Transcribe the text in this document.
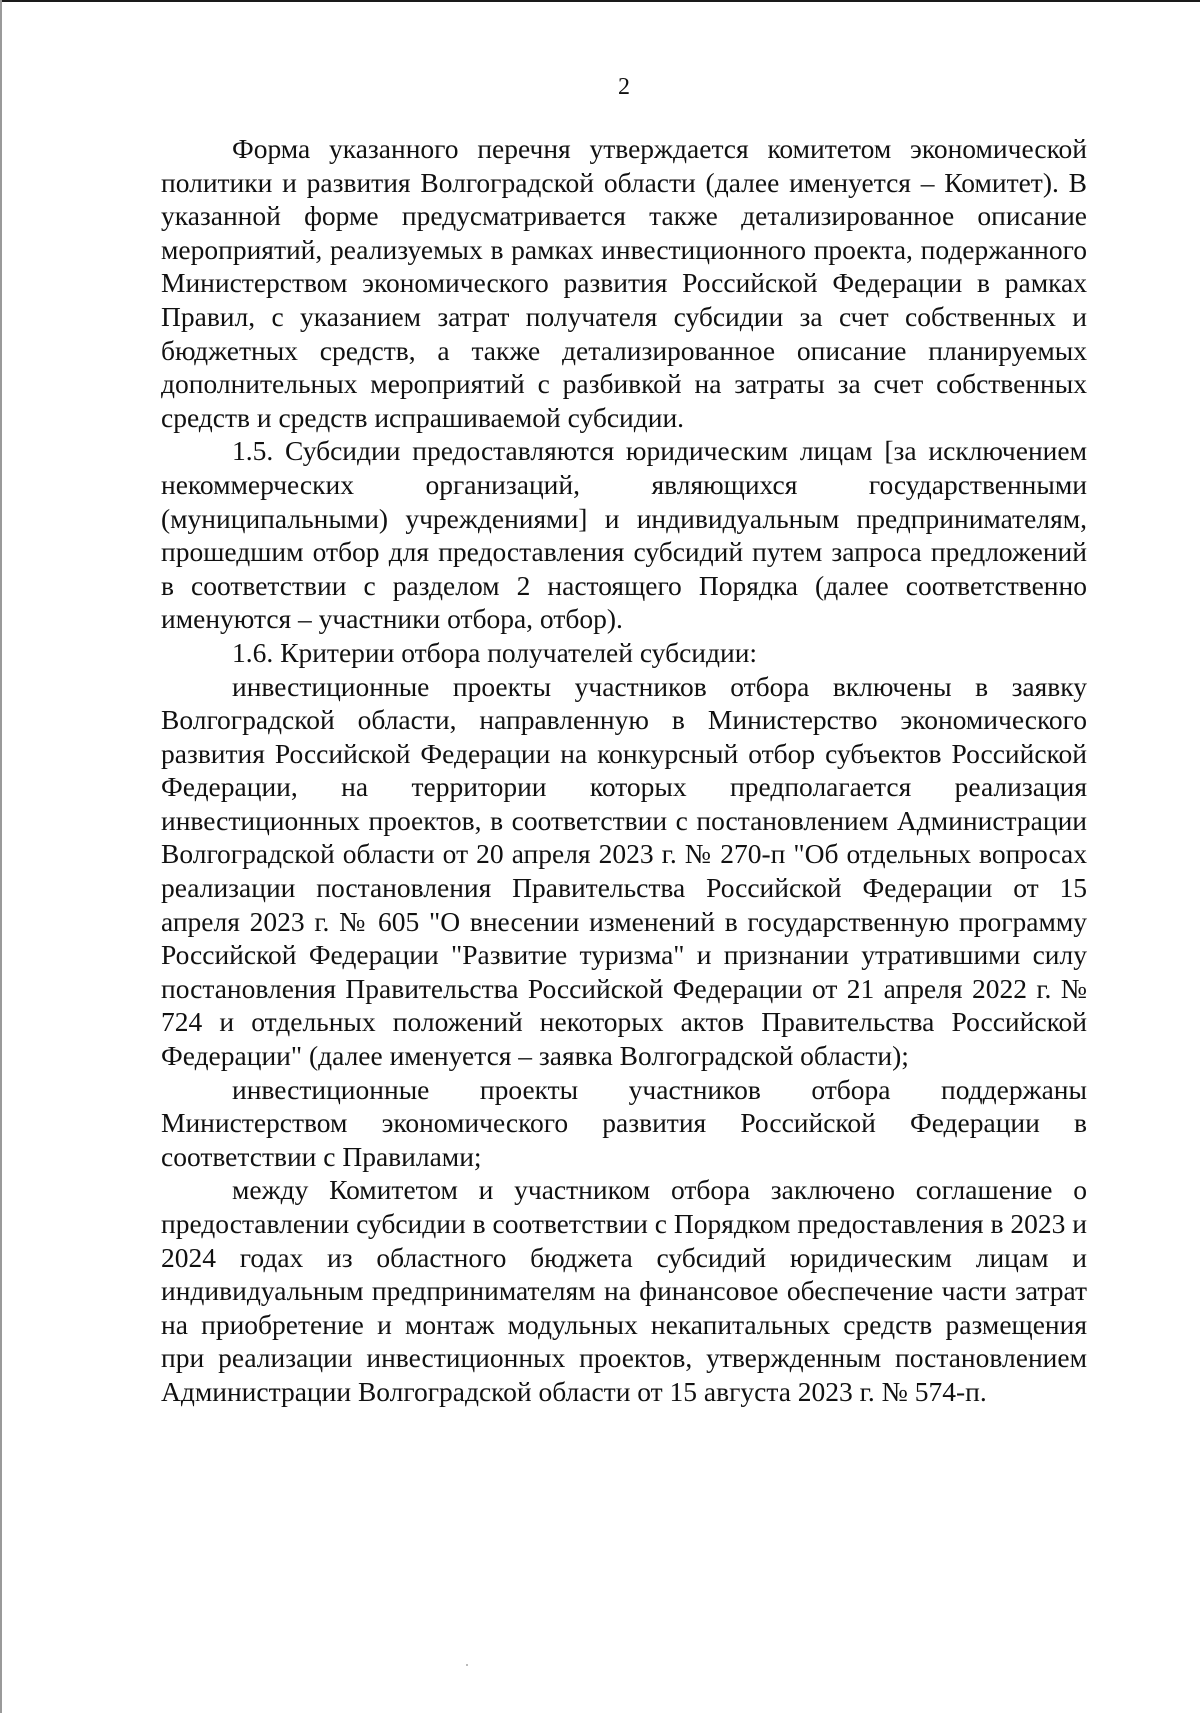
2

Форма указанного перечня утверждается комитетом экономической политики и развития Волгоградской области (далее именуется – Комитет). В указанной форме предусматривается также детализированное описание мероприятий, реализуемых в рамках инвестиционного проекта, подержанного Министерством экономического развития Российской Федерации в рамках Правил, с указанием затрат получателя субсидии за счет собственных и бюджетных средств, а также детализированное описание планируемых дополнительных мероприятий с разбивкой на затраты за счет собственных средств и средств испрашиваемой субсидии.

1.5. Субсидии предоставляются юридическим лицам [за исключением некоммерческих организаций, являющихся государственными (муниципальными) учреждениями] и индивидуальным предпринимателям, прошедшим отбор для предоставления субсидий путем запроса предложений в соответствии с разделом 2 настоящего Порядка (далее соответственно именуются – участники отбора, отбор).

1.6. Критерии отбора получателей субсидии:

инвестиционные проекты участников отбора включены в заявку Волгоградской области, направленную в Министерство экономического развития Российской Федерации на конкурсный отбор субъектов Российской Федерации, на территории которых предполагается реализация инвестиционных проектов, в соответствии с постановлением Администрации Волгоградской области от 20 апреля 2023 г. № 270-п "Об отдельных вопросах реализации постановления Правительства Российской Федерации от 15 апреля 2023 г. № 605 "О внесении изменений в государственную программу Российской Федерации "Развитие туризма" и признании утратившими силу постановления Правительства Российской Федерации от 21 апреля 2022 г. № 724 и отдельных положений некоторых актов Правительства Российской Федерации" (далее именуется – заявка Волгоградской области);

инвестиционные проекты участников отбора поддержаны Министерством экономического развития Российской Федерации в соответствии с Правилами;

между Комитетом и участником отбора заключено соглашение о предоставлении субсидии в соответствии с Порядком предоставления в 2023 и 2024 годах из областного бюджета субсидий юридическим лицам и индивидуальным предпринимателям на финансовое обеспечение части затрат на приобретение и монтаж модульных некапитальных средств размещения при реализации инвестиционных проектов, утвержденным постановлением Администрации Волгоградской области от 15 августа 2023 г. № 574-п.
